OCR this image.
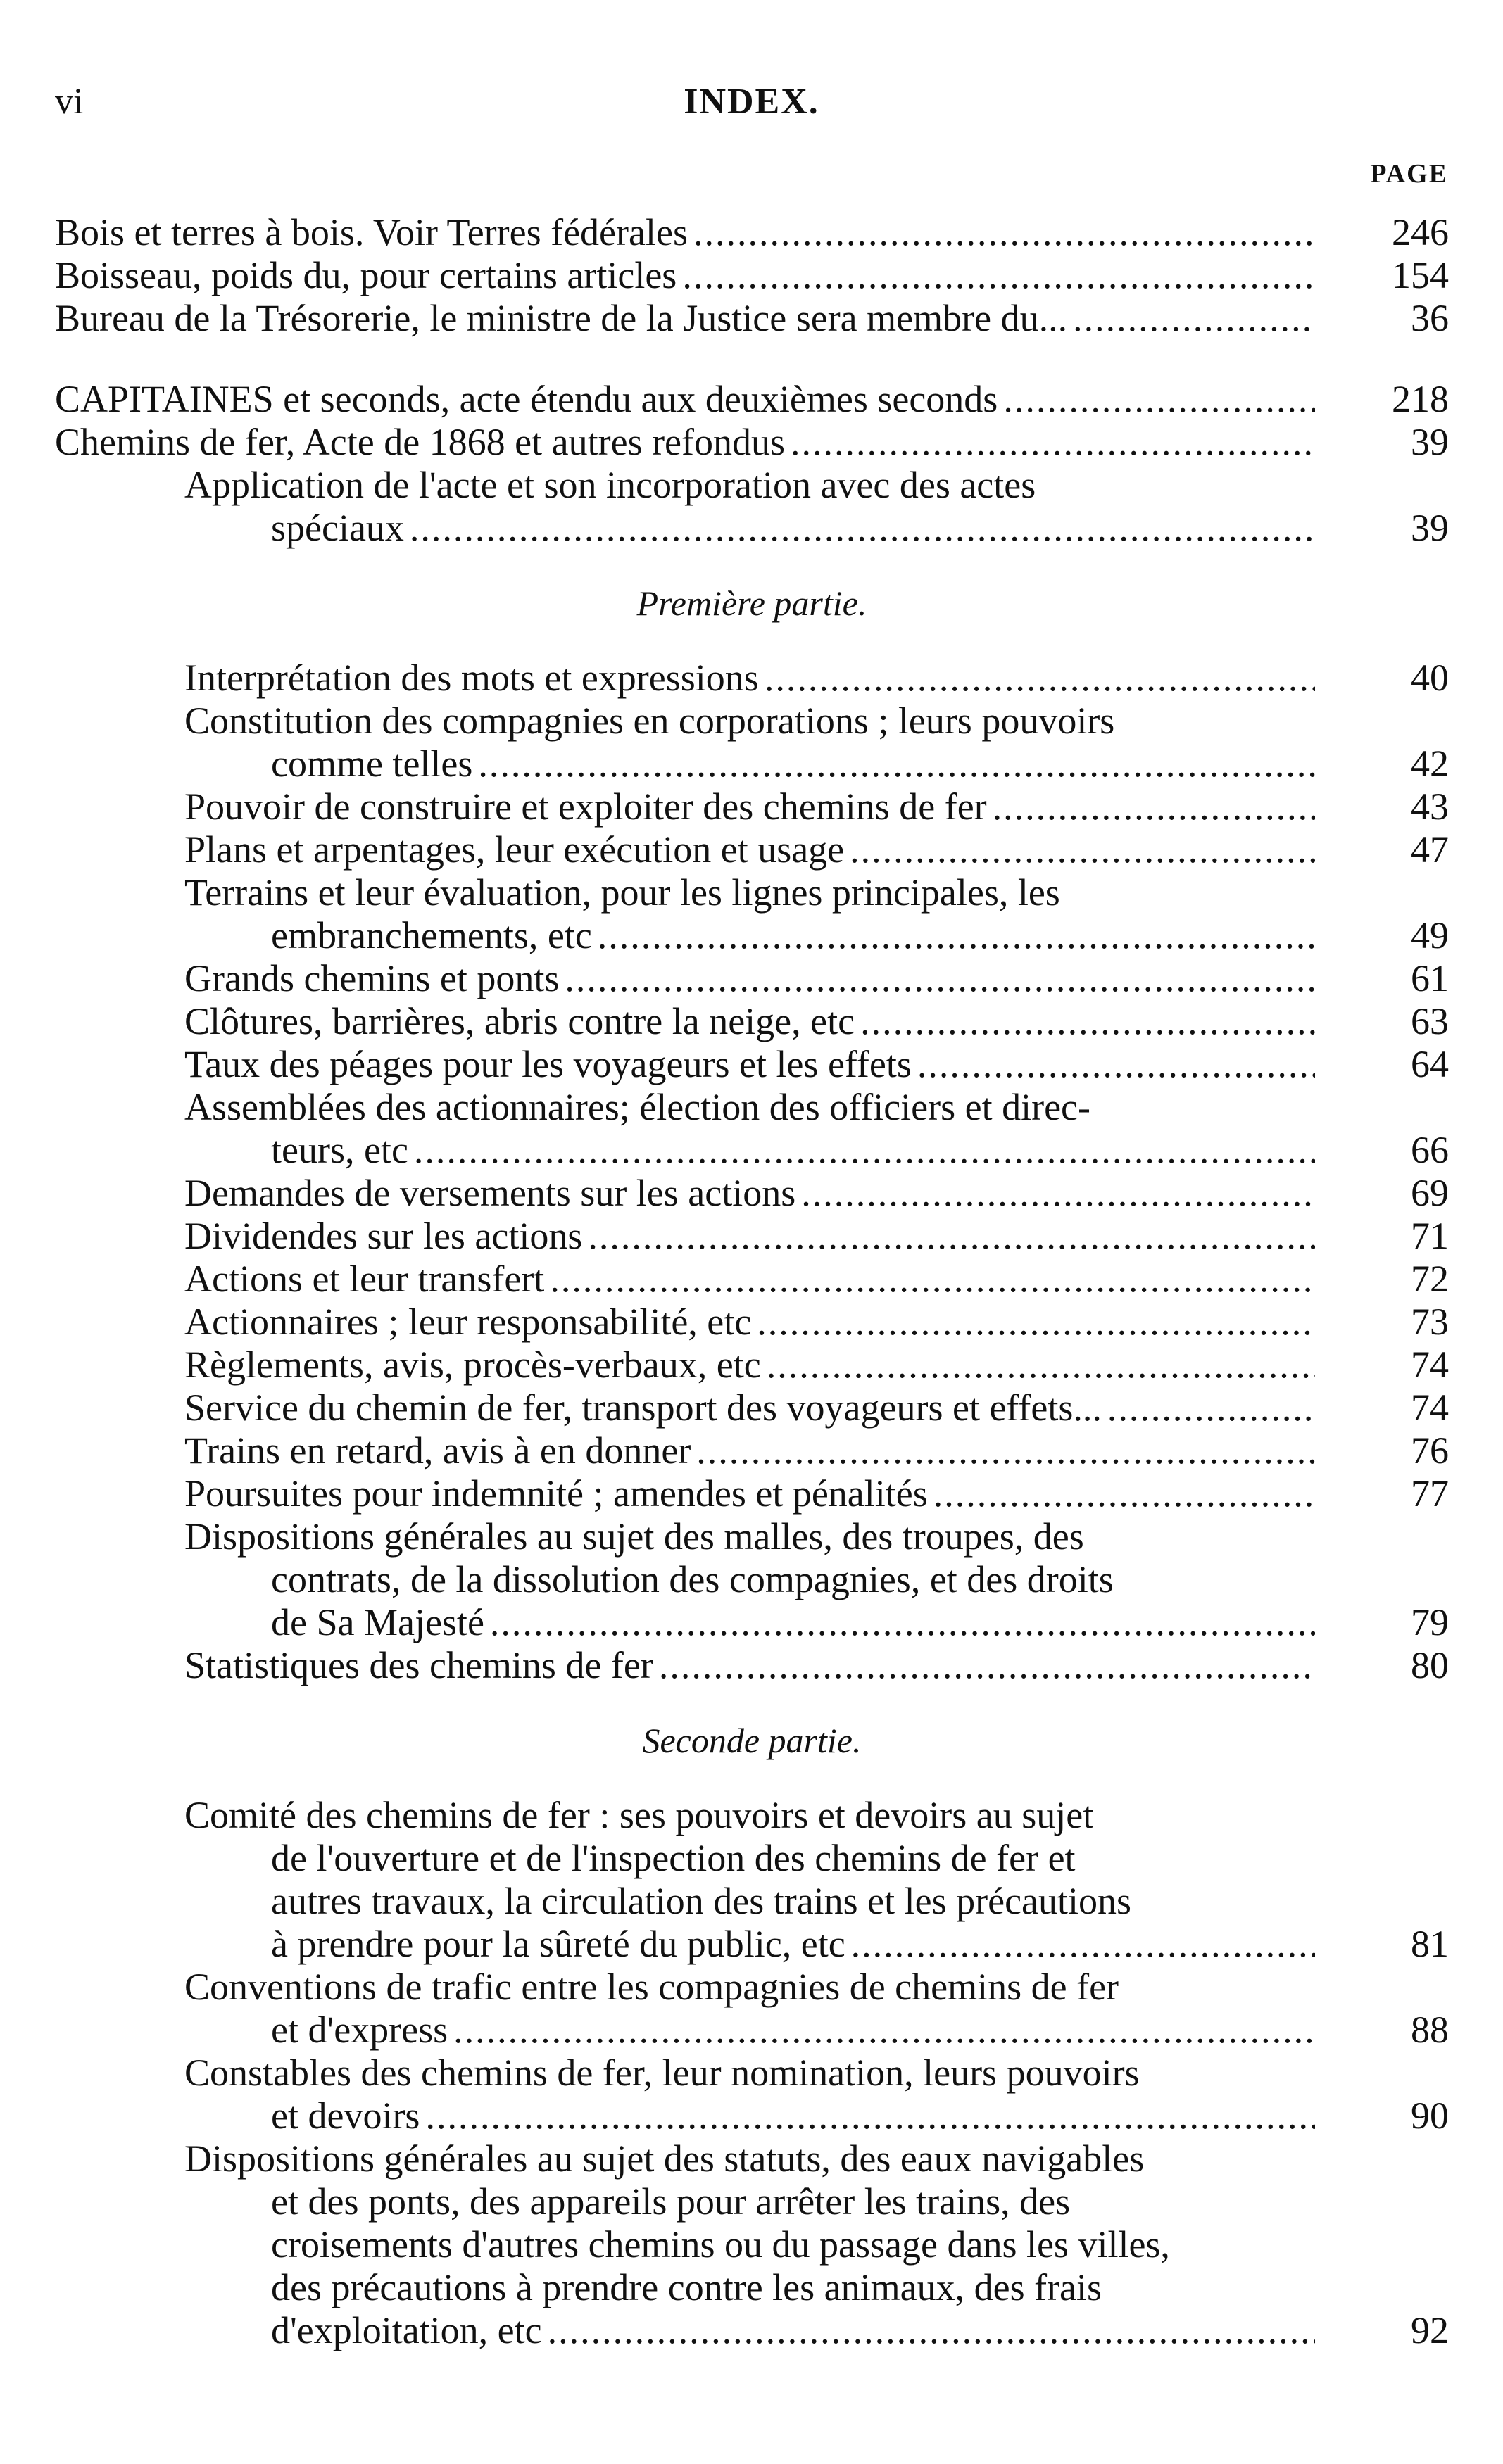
vi	INDEX.
PAGE
Bois et terres à bois. Voir Terres fédérales .....	246
Boisseau, poids du, pour certains articles .....	154
Bureau de la Trésorerie, le ministre de la Justice sera membre du... .....	36
CAPITAINES et seconds, acte étendu aux deuxièmes seconds .....	218
Chemins de fer, Acte de 1868 et autres refondus .....	39
Application de l'acte et son incorporation avec des actes
spéciaux .....	39
Première partie.
Interprétation des mots et expressions .....	40
Constitution des compagnies en corporations ; leurs pouvoirs
comme telles .....	42
Pouvoir de construire et exploiter des chemins de fer .....	43
Plans et arpentages, leur exécution et usage .....	47
Terrains et leur évaluation, pour les lignes principales, les
embranchements, etc .....	49
Grands chemins et ponts .....	61
Clôtures, barrières, abris contre la neige, etc .....	63
Taux des péages pour les voyageurs et les effets .....	64
Assemblées des actionnaires; élection des officiers et direc-
teurs, etc .....	66
Demandes de versements sur les actions .....	69
Dividendes sur les actions .....	71
Actions et leur transfert .....	72
Actionnaires ; leur responsabilité, etc .....	73
Règlements, avis, procès-verbaux, etc .....	74
Service du chemin de fer, transport des voyageurs et effets... .....	74
Trains en retard, avis à en donner .....	76
Poursuites pour indemnité ; amendes et pénalités .....	77
Dispositions générales au sujet des malles, des troupes, des
contrats, de la dissolution des compagnies, et des droits
de Sa Majesté .....	79
Statistiques des chemins de fer .....	80
Seconde partie.
Comité des chemins de fer : ses pouvoirs et devoirs au sujet
de l'ouverture et de l'inspection des chemins de fer et
autres travaux, la circulation des trains et les précautions
à prendre pour la sûreté du public, etc .....	81
Conventions de trafic entre les compagnies de chemins de fer
et d'express .....	88
Constables des chemins de fer, leur nomination, leurs pouvoirs
et devoirs .....	90
Dispositions générales au sujet des statuts, des eaux navigables
et des ponts, des appareils pour arrêter les trains, des
croisements d'autres chemins ou du passage dans les villes,
des précautions à prendre contre les animaux, des frais
d'exploitation, etc .....	92
